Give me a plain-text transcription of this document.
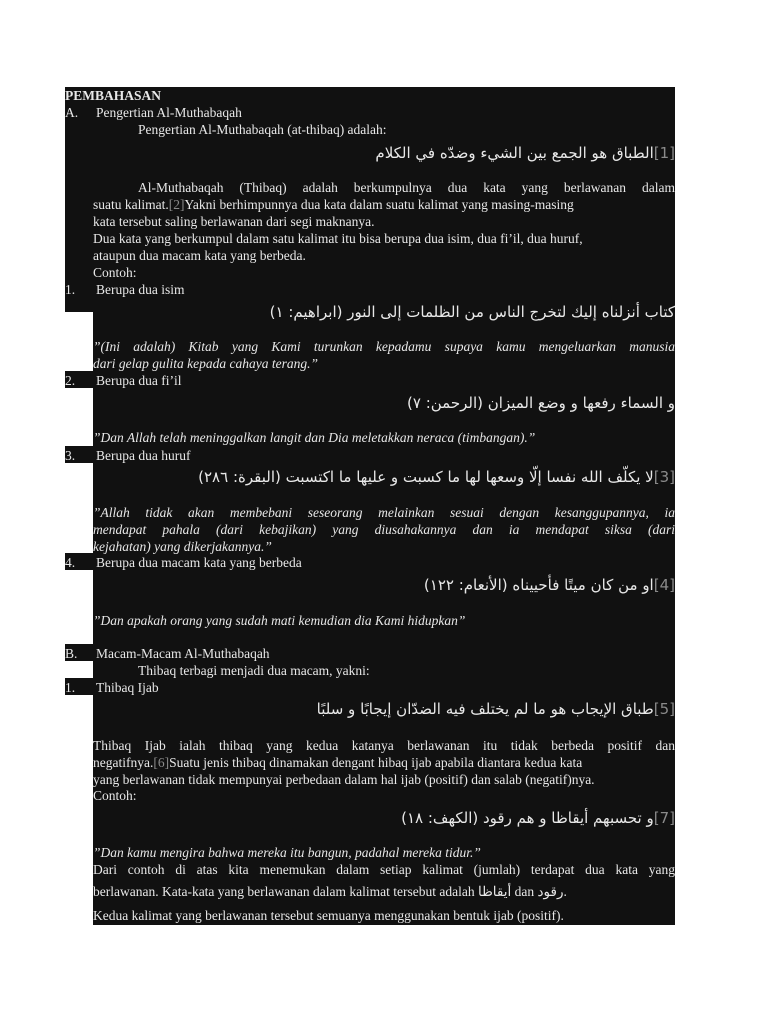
PEMBAHASAN
A. Pengertian Al-Muthabaqah
Pengertian Al-Muthabaqah (at-thibaq) adalah:
[1]الطباق هو الجمع بين الشيء وضدّه في الكلام
Al-Muthabaqah (Thibaq) adalah berkumpulnya dua kata yang berlawanan dalam
suatu kalimat.[2]Yakni berhimpunnya dua kata dalam suatu kalimat yang masing-masing
kata tersebut saling berlawanan dari segi maknanya.
Dua kata yang berkumpul dalam satu kalimat itu bisa berupa dua isim, dua fi’il, dua huruf,
ataupun dua macam kata yang berbeda.
Contoh:
1. Berupa dua isim
كتاب أنزلناه إليك لتخرج الناس من الظلمات إلى النور (ابراهيم: ١)
”(Ini adalah) Kitab yang Kami turunkan kepadamu supaya kamu mengeluarkan manusia
dari gelap gulita kepada cahaya terang.”
2. Berupa dua fi’il
و السماء رفعها و وضع الميزان (الرحمن: ٧)
”Dan Allah telah meninggalkan langit dan Dia meletakkan neraca (timbangan).”
3. Berupa dua huruf
[3]لا يكلّف الله نفسا إلّا وسعها لها ما كسبت و عليها ما اكتسبت (البقرة: ٢٨٦)
”Allah tidak akan membebani seseorang melainkan sesuai dengan kesanggupannya, ia
mendapat pahala (dari kebajikan) yang diusahakannya dan ia mendapat siksa (dari
kejahatan) yang dikerjakannya.”
4. Berupa dua macam kata yang berbeda
[4]او من كان ميتًا فأحييناه (الأنعام: ١٢٢)
”Dan apakah orang yang sudah mati kemudian dia Kami hidupkan”
B. Macam-Macam Al-Muthabaqah
Thibaq terbagi menjadi dua macam, yakni:
1. Thibaq Ijab
[5]طباق الإيجاب هو ما لم يختلف فيه الضدّان إيجابًا و سلبًا
Thibaq Ijab ialah thibaq yang kedua katanya berlawanan itu tidak berbeda positif dan
negatifnya.[6]Suatu jenis thibaq dinamakan dengant hibaq ijab apabila diantara kedua kata
yang berlawanan tidak mempunyai perbedaan dalam hal ijab (positif) dan salab (negatif)nya.
Contoh:
[7]و تحسبهم أيقاظا و هم رقود (الكهف: ١٨)
”Dan kamu mengira bahwa mereka itu bangun, padahal mereka tidur.”
Dari contoh di atas kita menemukan dalam setiap kalimat (jumlah) terdapat dua kata yang
berlawanan. Kata-kata yang berlawanan dalam kalimat tersebut adalah أيقاظا dan رقود.
Kedua kalimat yang berlawanan tersebut semuanya menggunakan bentuk ijab (positif).
